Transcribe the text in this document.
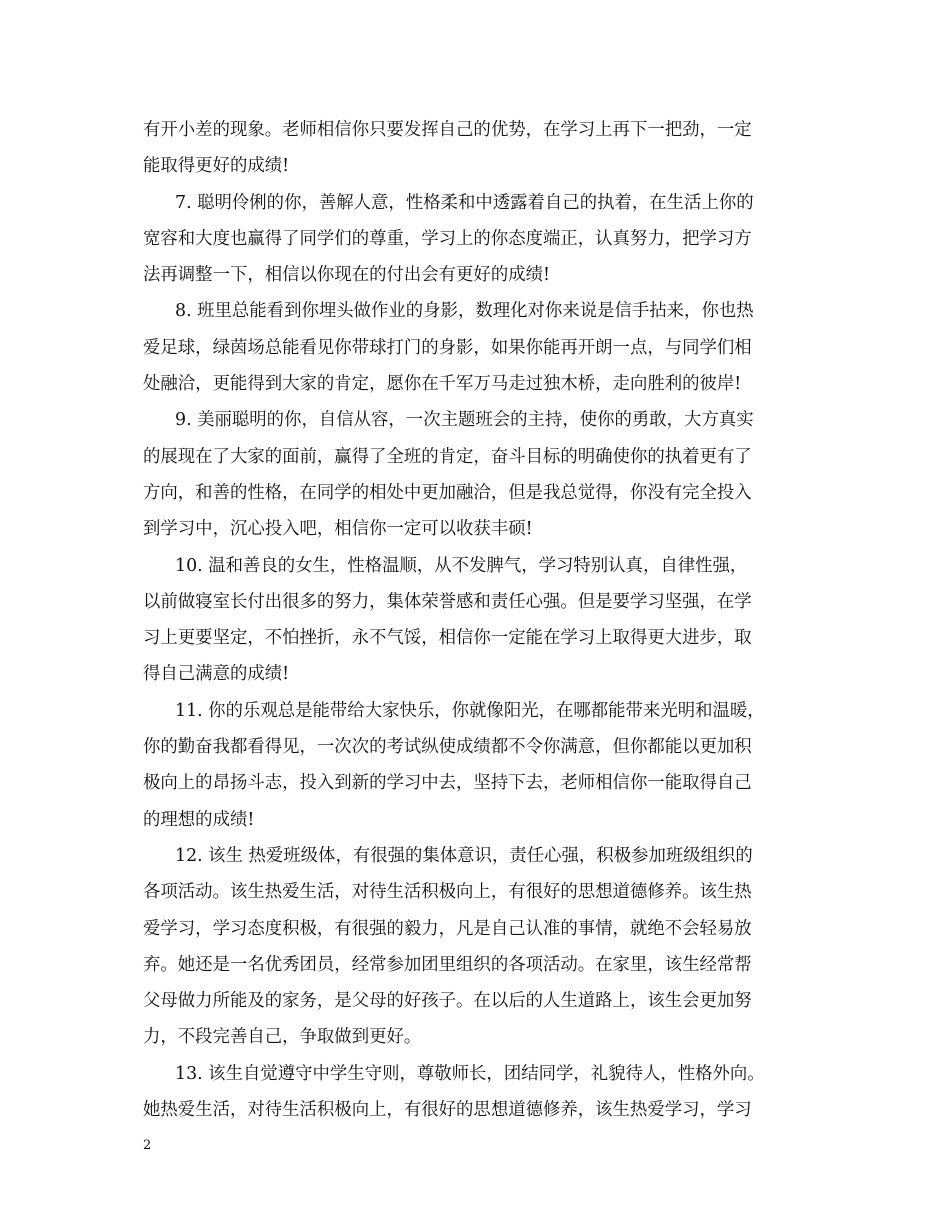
有开小差的现象。老师相信你只要发挥自己的优势，在学习上再下一把劲，一定
能取得更好的成绩!
7. 聪明伶俐的你，善解人意，性格柔和中透露着自己的执着，在生活上你的
宽容和大度也赢得了同学们的尊重，学习上的你态度端正，认真努力，把学习方
法再调整一下，相信以你现在的付出会有更好的成绩!
8. 班里总能看到你埋头做作业的身影，数理化对你来说是信手拈来，你也热
爱足球，绿茵场总能看见你带球打门的身影，如果你能再开朗一点，与同学们相
处融洽，更能得到大家的肯定，愿你在千军万马走过独木桥，走向胜利的彼岸!
9. 美丽聪明的你，自信从容，一次主题班会的主持，使你的勇敢，大方真实
的展现在了大家的面前，赢得了全班的肯定，奋斗目标的明确使你的执着更有了
方向，和善的性格，在同学的相处中更加融洽，但是我总觉得，你没有完全投入
到学习中，沉心投入吧，相信你一定可以收获丰硕!
10. 温和善良的女生，性格温顺，从不发脾气，学习特别认真，自律性强，
以前做寝室长付出很多的努力，集体荣誉感和责任心强。但是要学习坚强，在学
习上更要坚定，不怕挫折，永不气馁，相信你一定能在学习上取得更大进步，取
得自己满意的成绩!
11. 你的乐观总是能带给大家快乐，你就像阳光，在哪都能带来光明和温暖，
你的勤奋我都看得见，一次次的考试纵使成绩都不令你满意，但你都能以更加积
极向上的昂扬斗志，投入到新的学习中去，坚持下去，老师相信你一能取得自己
的理想的成绩!
12. 该生 热爱班级体，有很强的集体意识，责任心强，积极参加班级组织的
各项活动。该生热爱生活，对待生活积极向上，有很好的思想道德修养。该生热
爱学习，学习态度积极，有很强的毅力，凡是自己认准的事情，就绝不会轻易放
弃。她还是一名优秀团员，经常参加团里组织的各项活动。在家里，该生经常帮
父母做力所能及的家务，是父母的好孩子。在以后的人生道路上，该生会更加努
力，不段完善自己，争取做到更好。
13. 该生自觉遵守中学生守则，尊敬师长，团结同学，礼貌待人，性格外向。
她热爱生活，对待生活积极向上，有很好的思想道德修养，该生热爱学习，学习
2
